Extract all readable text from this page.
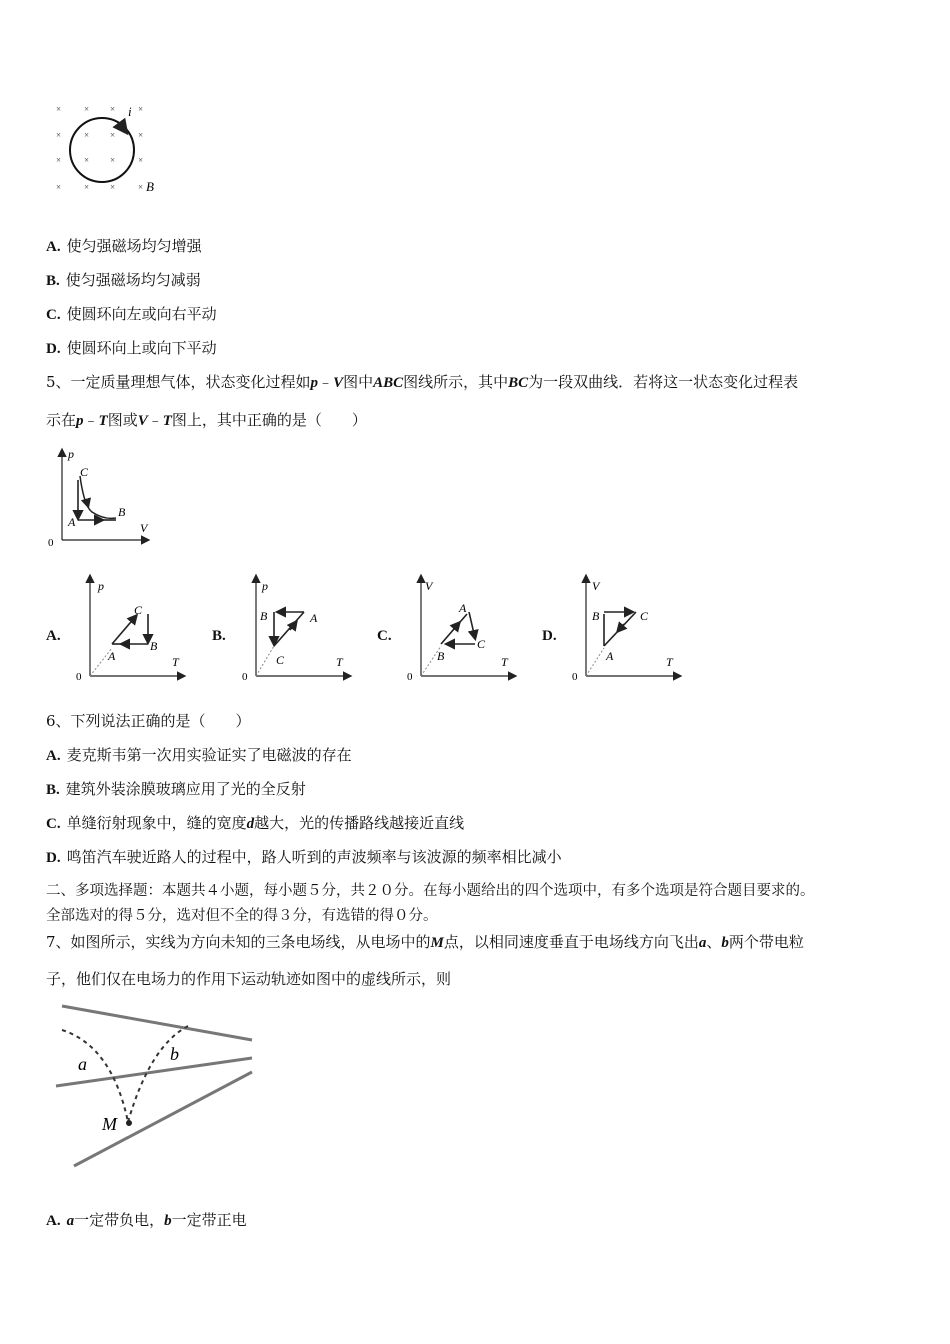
×	× ×	×
×	× ×	×
×	× ×	×
×	× ×	×
i
B
A. 使匀强磁场均匀增强
B. 使匀强磁场均匀减弱
C. 使圆环向左或向右平动
D. 使圆环向上或向下平动
5、一定质量理想气体，状态变化过程如p﹣V图中ABC图线所示，其中BC为一段双曲线．若将这一状态变化过程表
示在p﹣T图或V﹣T图上，其中正确的是（　　）
p
V
0
C
A
B
A.
p
T
0
A
B
C
B.
p
T
0
A
B
C
C.
V
T
0
A
B
C	D.
V
T
0
A
B	C
6、下列说法正确的是（　　）
A. 麦克斯韦第一次用实验证实了电磁波的存在
B. 建筑外装涂膜玻璃应用了光的全反射
C. 单缝衍射现象中，缝的宽度d越大，光的传播路线越接近直线
D. 鸣笛汽车驶近路人的过程中，路人听到的声波频率与该波源的频率相比减小
二、多项选择题：本题共４小题，每小题５分，共２０分。在每小题给出的四个选项中，有多个选项是符合题目要求的。
全部选对的得５分，选对但不全的得３分，有选错的得０分。
7、如图所示，实线为方向未知的三条电场线，从电场中的M点，以相同速度垂直于电场线方向飞出a、b两个带电粒
子，他们仅在电场力的作用下运动轨迹如图中的虚线所示，则
a	b
M
A. a一定带负电，b一定带正电
